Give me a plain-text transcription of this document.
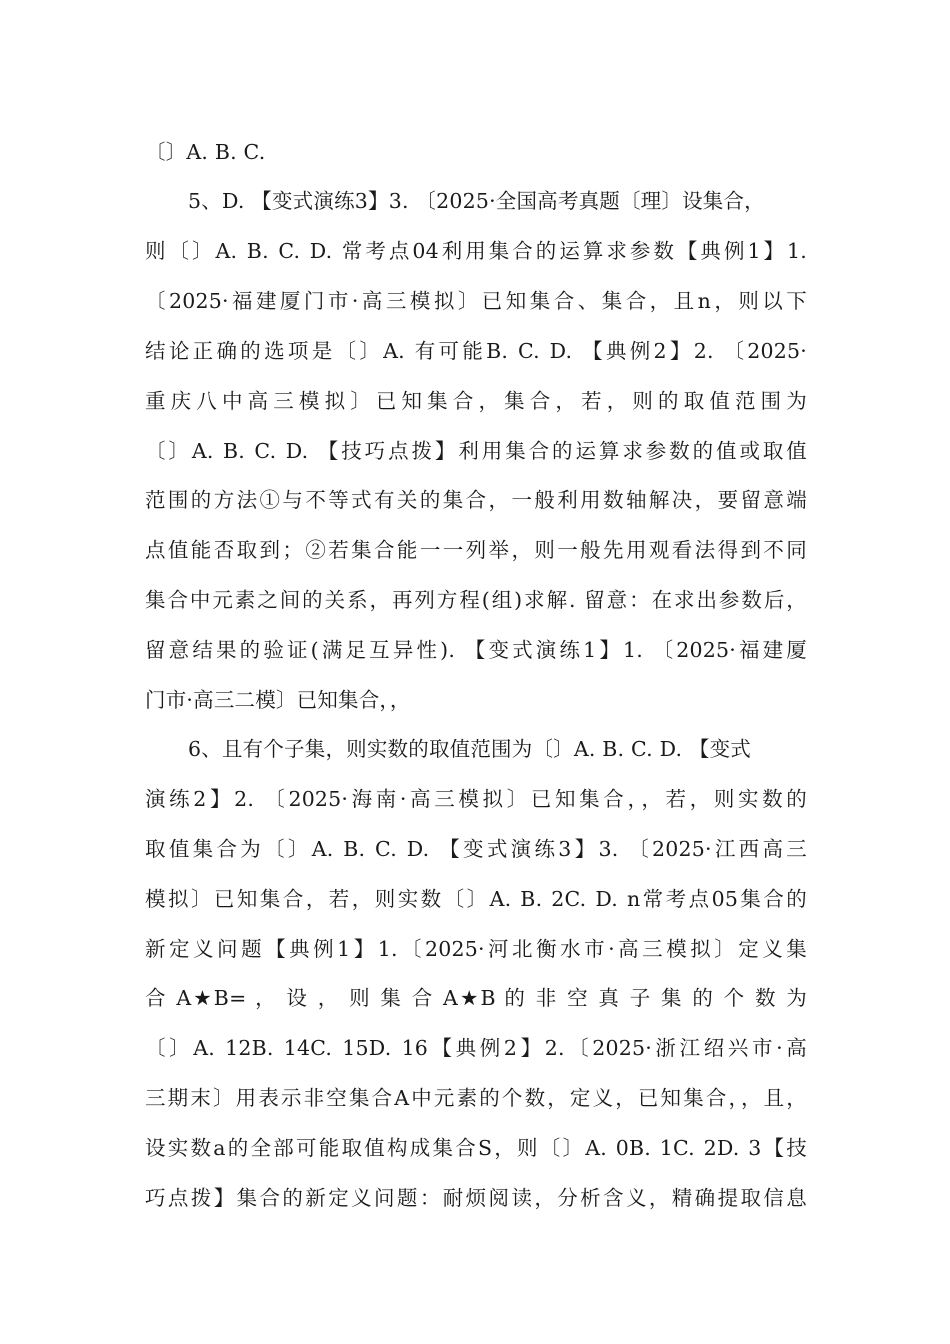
〔〕A. B. C.
5、D. 【变式演练3】3. 〔2025·全国高考真题〔理〕设集合，
则〔〕A. B. C. D. 常考点04利用集合的运算求参数【典例1】1.
〔2025·福建厦门市·高三模拟〕已知集合、集合，且n，则以下
结论正确的选项是〔〕A. 有可能B. C. D. 【典例2】2. 〔2025·
重庆八中高三模拟〕已知集合，集合，若，则的取值范围为
〔〕A. B. C. D. 【技巧点拨】利用集合的运算求参数的值或取值
范围的方法①与不等式有关的集合，一般利用数轴解决，要留意端
点值能否取到；②若集合能一一列举，则一般先用观看法得到不同
集合中元素之间的关系，再列方程(组)求解. 留意：在求出参数后，
留意结果的验证(满足互异性). 【变式演练1】1. 〔2025·福建厦
门市·高三二模〕已知集合，，
6、且有个子集，则实数的取值范围为〔〕A. B. C. D. 【变式
演练2】2. 〔2025·海南·高三模拟〕已知集合，，若，则实数的
取值集合为〔〕A. B. C. D. 【变式演练3】3. 〔2025·江西高三
模拟〕已知集合，若，则实数〔〕A. B. 2C. D. n常考点05集合的
新定义问题【典例1】1.〔2025·河北衡水市·高三模拟〕定义集
合 A★B= ， 设 ， 则 集 合 A★B 的 非 空 真 子 集 的 个 数 为
〔〕A. 12B. 14C. 15D. 16【典例2】2.〔2025·浙江绍兴市·高
三期末〕用表示非空集合A中元素的个数，定义，已知集合，，且，
设实数a的全部可能取值构成集合S，则〔〕A. 0B. 1C. 2D. 3【技
巧点拨】集合的新定义问题：耐烦阅读，分析含义，精确提取信息
